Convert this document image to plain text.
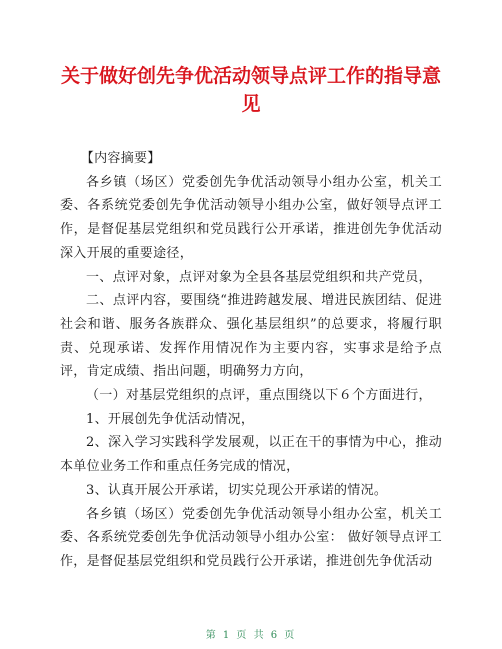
关于做好创先争优活动领导点评工作的指导意见

【内容摘要】

各乡镇（场区）党委创先争优活动领导小组办公室，机关工委、各系统党委创先争优活动领导小组办公室，做好领导点评工作，是督促基层党组织和党员践行公开承诺，推进创先争优活动深入开展的重要途径，

一、点评对象，点评对象为全县各基层党组织和共产党员，

二、点评内容，要围绕“推进跨越发展、增进民族团结、促进社会和谐、服务各族群众、强化基层组织”的总要求，将履行职责、兑现承诺、发挥作用情况作为主要内容，实事求是给予点评，肯定成绩、指出问题，明确努力方向，

（一）对基层党组织的点评，重点围绕以下６个方面进行，

1、开展创先争优活动情况，

2、深入学习实践科学发展观，以正在干的事情为中心，推动本单位业务工作和重点任务完成的情况，

3、认真开展公开承诺，切实兑现公开承诺的情况。

各乡镇（场区）党委创先争优活动领导小组办公室，机关工委、各系统党委创先争优活动领导小组办公室： 做好领导点评工作，是督促基层党组织和党员践行公开承诺，推进创先争优活动

第 1 页 共 6 页
